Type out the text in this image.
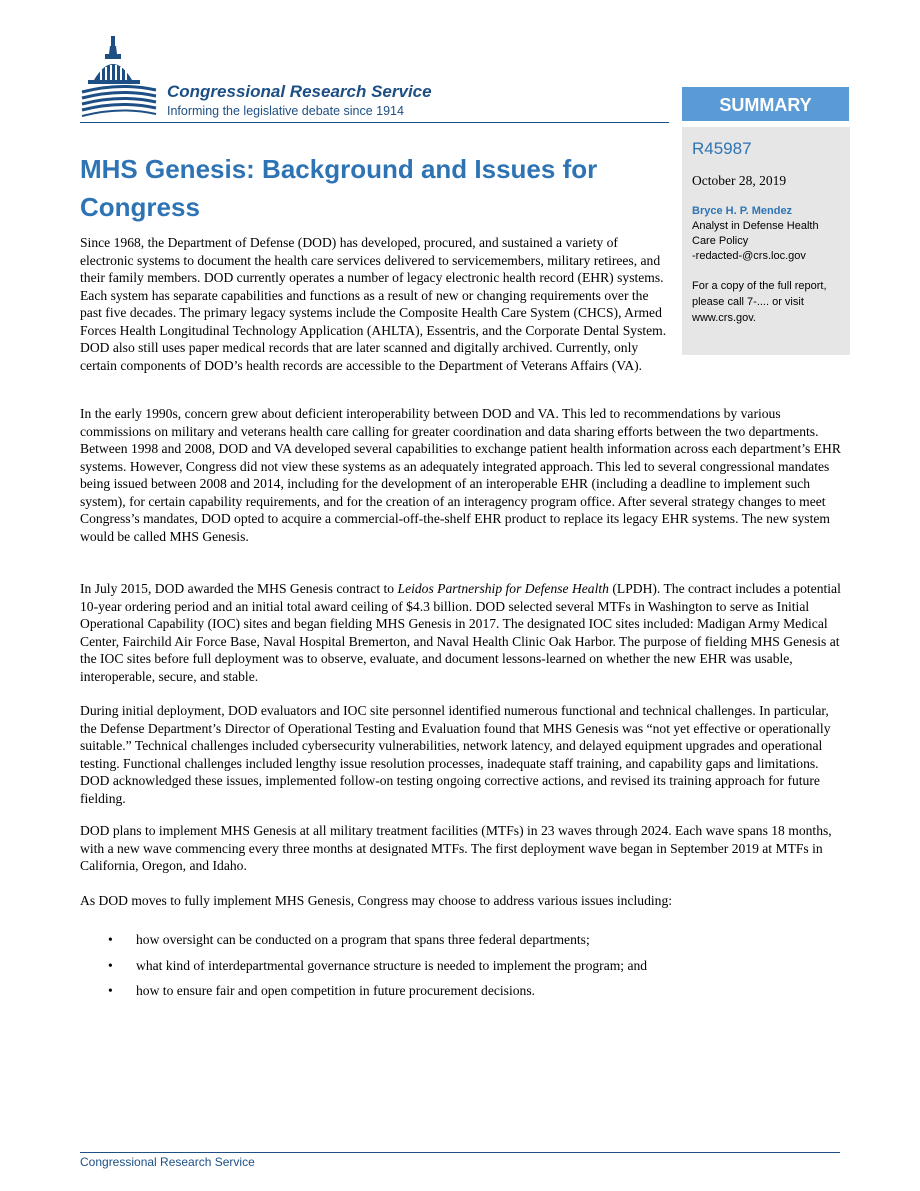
Congressional Research Service

Informing the legislative debate since 1914	SUMMARY

R45987

October 28, 2019

Bryce H. P. Mendez

Analyst in Defense Health
Care Policy
-redacted-@crs.loc.gov

For a copy of the full report,
please call 7-.... or visit
www.crs.gov.

MHS Genesis: Background and Issues for Congress

Since 1968, the Department of Defense (DOD) has developed, procured, and sustained a variety of electronic systems to document the health care services delivered to servicemembers, military retirees, and their family members. DOD currently operates a number of legacy electronic health record (EHR) systems. Each system has separate capabilities and functions as a result of new or changing requirements over the past five decades. The primary legacy systems include the Composite Health Care System (CHCS), Armed Forces Health Longitudinal Technology Application (AHLTA), Essentris, and the Corporate Dental System. DOD also still uses paper medical records that are later scanned and digitally archived. Currently, only certain components of DOD’s health records are accessible to the Department of Veterans Affairs (VA).

In the early 1990s, concern grew about deficient interoperability between DOD and VA. This led to recommendations by various commissions on military and veterans health care calling for greater coordination and data sharing efforts between the two departments. Between 1998 and 2008, DOD and VA developed several capabilities to exchange patient health information across each department’s EHR systems. However, Congress did not view these systems as an adequately integrated approach. This led to several congressional mandates being issued between 2008 and 2014, including for the development of an interoperable EHR (including a deadline to implement such system), for certain capability requirements, and for the creation of an interagency program office. After several strategy changes to meet Congress’s mandates, DOD opted to acquire a commercial-off-the-shelf EHR product to replace its legacy EHR systems. The new system would be called MHS Genesis.

In July 2015, DOD awarded the MHS Genesis contract to Leidos Partnership for Defense Health (LPDH). The contract includes a potential 10-year ordering period and an initial total award ceiling of $4.3 billion. DOD selected several MTFs in Washington to serve as Initial Operational Capability (IOC) sites and began fielding MHS Genesis in 2017. The designated IOC sites included: Madigan Army Medical Center, Fairchild Air Force Base, Naval Hospital Bremerton, and Naval Health Clinic Oak Harbor. The purpose of fielding MHS Genesis at the IOC sites before full deployment was to observe, evaluate, and document lessons-learned on whether the new EHR was usable, interoperable, secure, and stable.

During initial deployment, DOD evaluators and IOC site personnel identified numerous functional and technical challenges. In particular, the Defense Department’s Director of Operational Testing and Evaluation found that MHS Genesis was “not yet effective or operationally suitable.” Technical challenges included cybersecurity vulnerabilities, network latency, and delayed equipment upgrades and operational testing. Functional challenges included lengthy issue resolution processes, inadequate staff training, and capability gaps and limitations. DOD acknowledged these issues, implemented follow-on testing ongoing corrective actions, and revised its training approach for future fielding.

DOD plans to implement MHS Genesis at all military treatment facilities (MTFs) in 23 waves through 2024. Each wave spans 18 months, with a new wave commencing every three months at designated MTFs. The first deployment wave began in September 2019 at MTFs in California, Oregon, and Idaho.

As DOD moves to fully implement MHS Genesis, Congress may choose to address various issues including:

• how oversight can be conducted on a program that spans three federal departments;
• what kind of interdepartmental governance structure is needed to implement the program; and
• how to ensure fair and open competition in future procurement decisions.

Congressional Research Service
